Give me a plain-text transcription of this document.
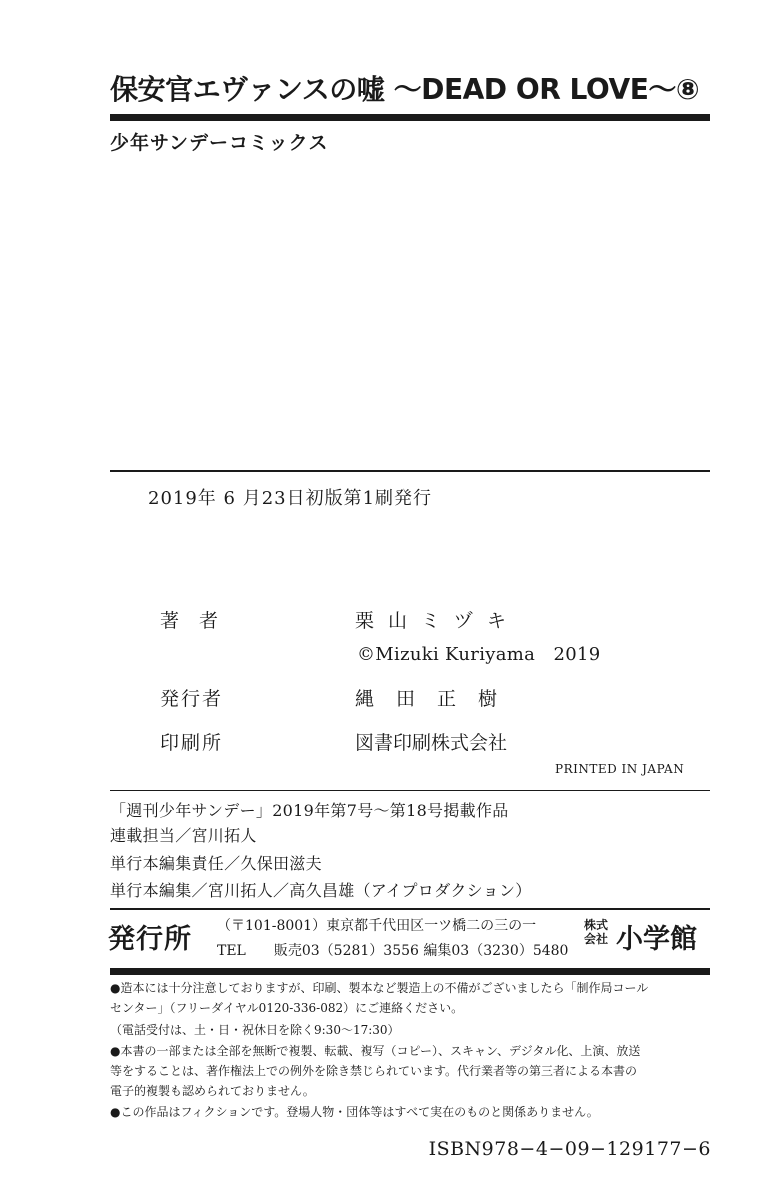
保安官エヴァンスの嘘 ～DEAD OR LOVE～⑧
少年サンデーコミックス
2019年 6 月23日初版第1刷発行
著者	栗山ミヅキ
©Mizuki Kuriyama　2019
発行者	縄田正樹
印刷所	図書印刷株式会社
PRINTED IN JAPAN
「週刊少年サンデー」2019年第7号～第18号掲載作品
連載担当／宮川拓人
単行本編集責任／久保田滋夫
単行本編集／宮川拓人／高久昌雄（アイプロダクション）
発行所 （〒101-8001）東京都千代田区一ツ橋二の三の一
TEL　　販売03（5281）3556 編集03（3230）5480
株式会社 小学館
●造本には十分注意しておりますが、印刷、製本など製造上の不備がございましたら「制作局コール
センター」（フリーダイヤル0120-336-082）にご連絡ください。
（電話受付は、土・日・祝休日を除く9:30～17:30）
●本書の一部または全部を無断で複製、転載、複写（コピー）、スキャン、デジタル化、上演、放送
等をすることは、著作権法上での例外を除き禁じられています。代行業者等の第三者による本書の
電子的複製も認められておりません。
●この作品はフィクションです。登場人物・団体等はすべて実在のものと関係ありません。
ISBN978−4−09−129177−6
